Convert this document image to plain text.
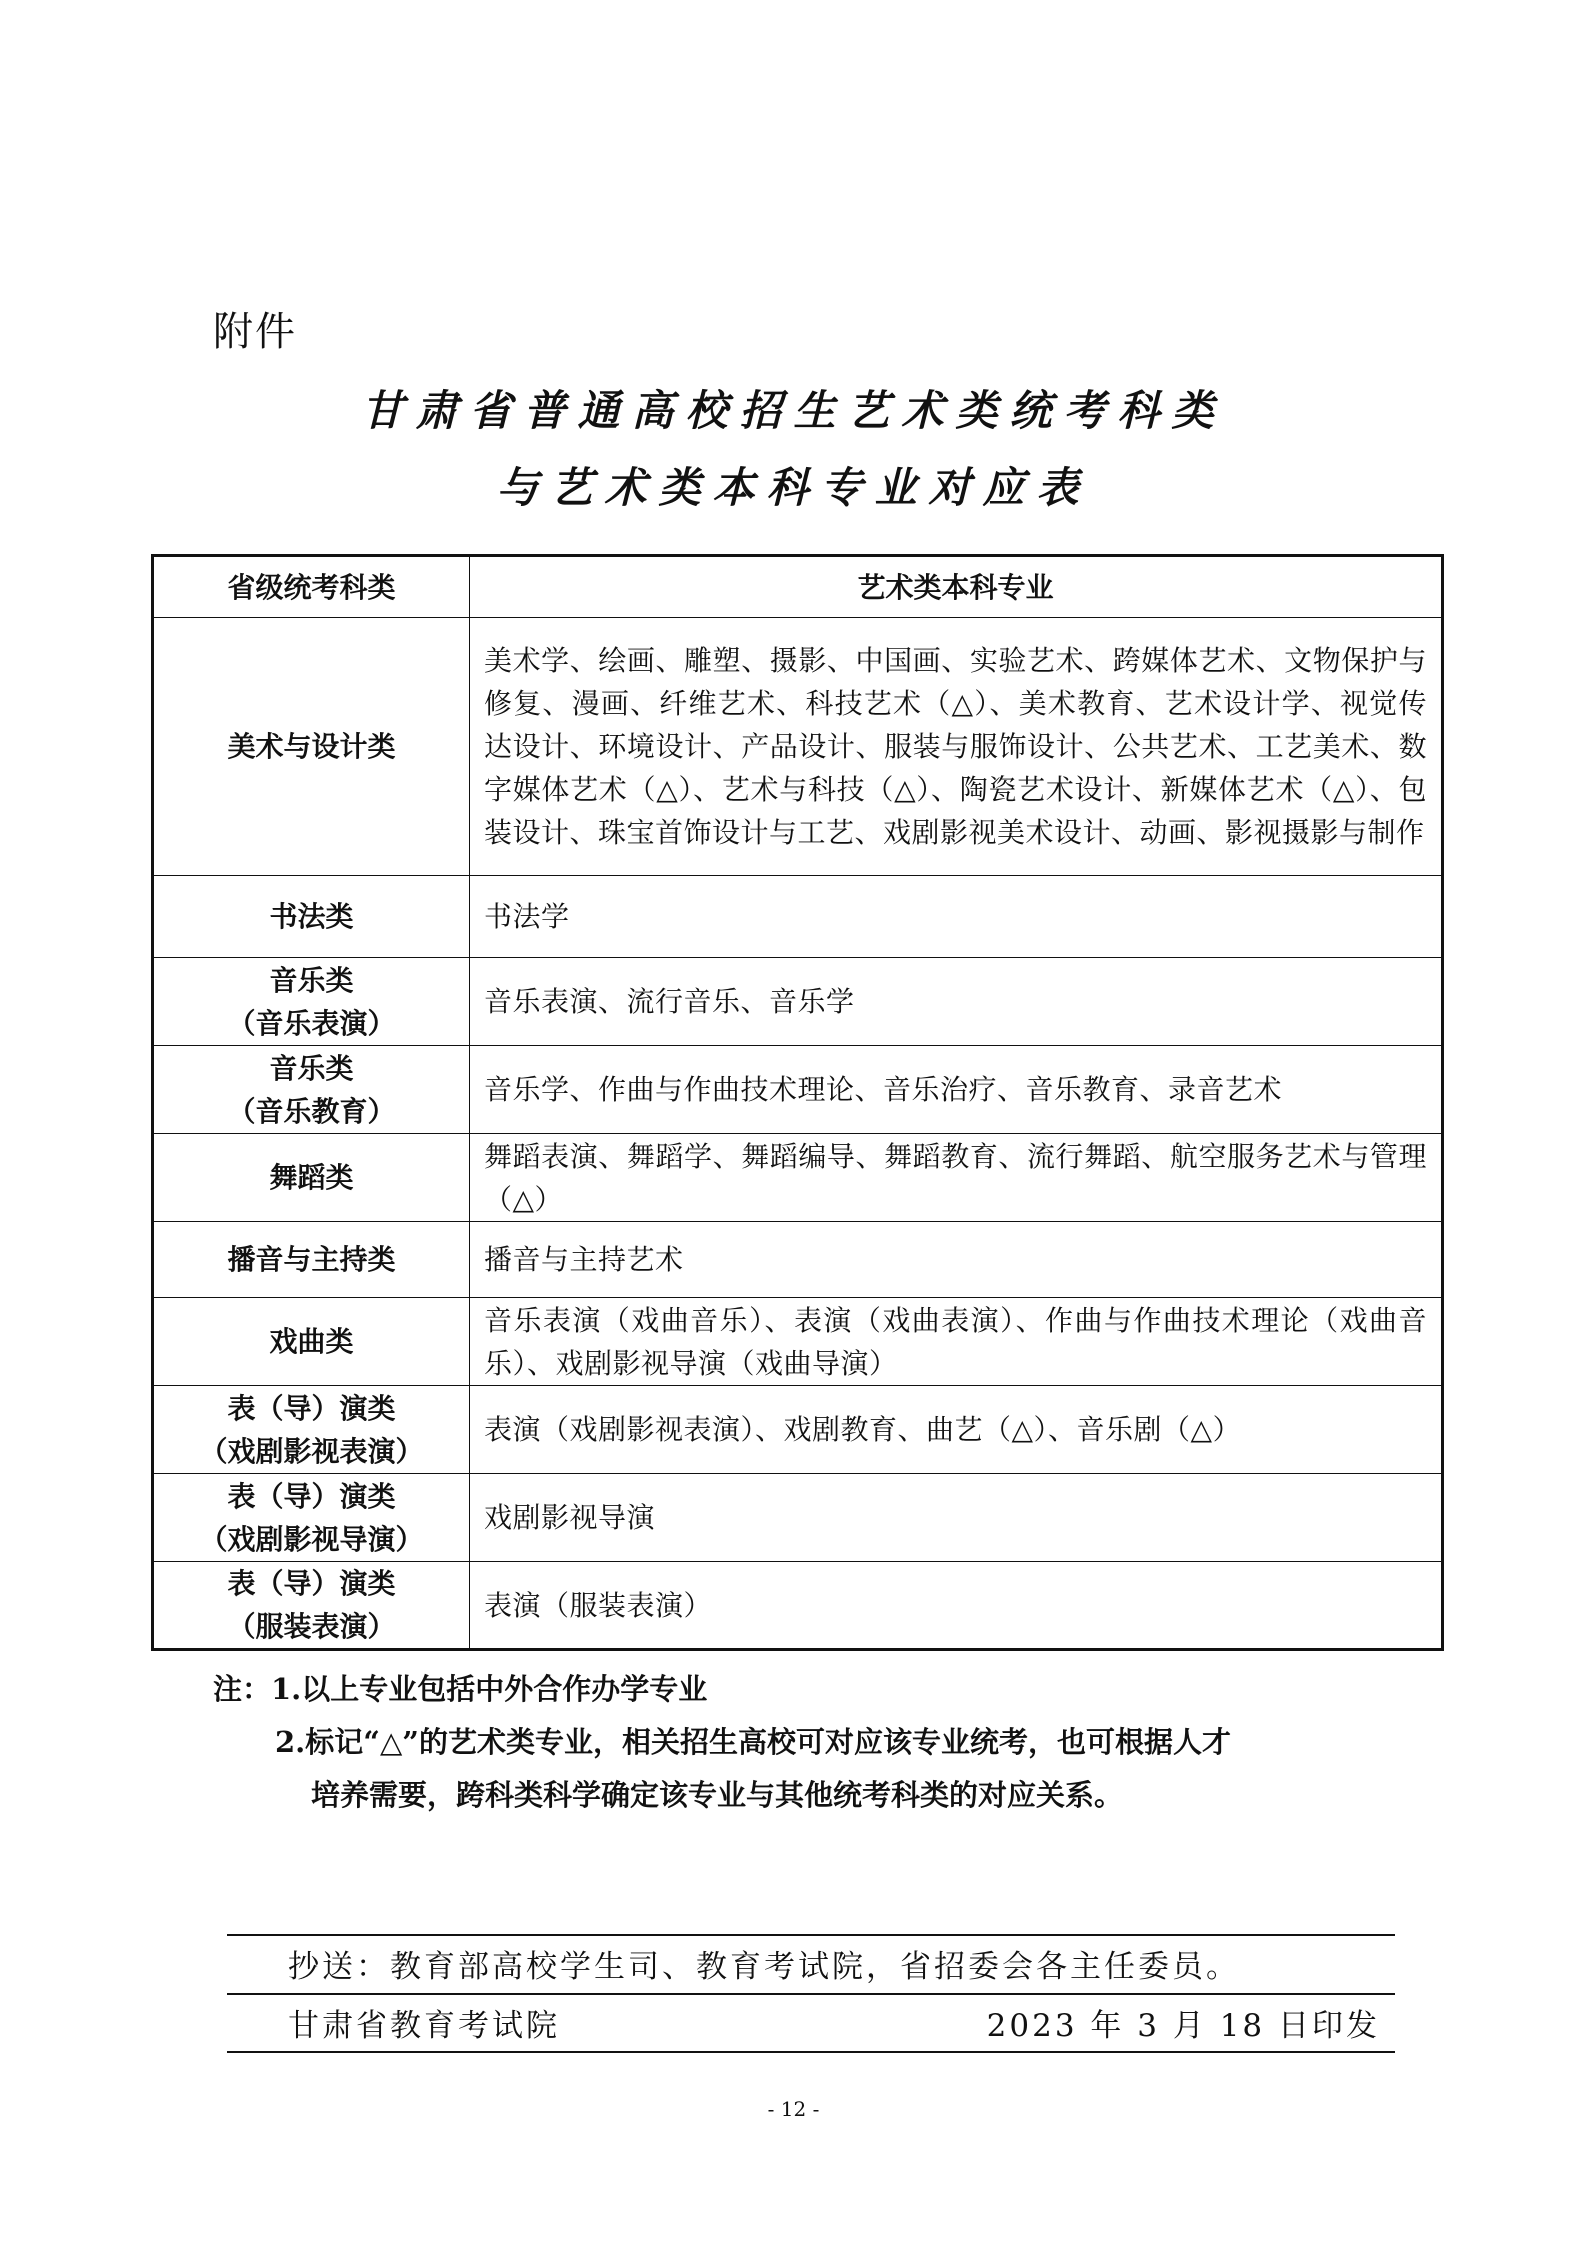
附件
甘肃省普通高校招生艺术类统考科类
与艺术类本科专业对应表
省级统考科类	艺术类本科专业
美术与设计类	美术学、绘画、雕塑、摄影、中国画、实验艺术、跨媒体艺术、文物保护与修复、漫画、纤维艺术、科技艺术（△）、美术教育、艺术设计学、视觉传达设计、环境设计、产品设计、服装与服饰设计、公共艺术、工艺美术、数字媒体艺术（△）、艺术与科技（△）、陶瓷艺术设计、新媒体艺术（△）、包装设计、珠宝首饰设计与工艺、戏剧影视美术设计、动画、影视摄影与制作
书法类	书法学
音乐类
（音乐表演）	音乐表演、流行音乐、音乐学
音乐类
（音乐教育）	音乐学、作曲与作曲技术理论、音乐治疗、音乐教育、录音艺术
舞蹈类	舞蹈表演、舞蹈学、舞蹈编导、舞蹈教育、流行舞蹈、航空服务艺术与管理（△）
播音与主持类	播音与主持艺术
戏曲类	音乐表演（戏曲音乐）、表演（戏曲表演）、作曲与作曲技术理论（戏曲音乐）、戏剧影视导演（戏曲导演）
表（导）演类
（戏剧影视表演）	表演（戏剧影视表演）、戏剧教育、曲艺（△）、音乐剧（△）
表（导）演类
（戏剧影视导演）	戏剧影视导演
表（导）演类
（服装表演）	表演（服装表演）
注：1.以上专业包括中外合作办学专业
2.标记“△”的艺术类专业，相关招生高校可对应该专业统考，也可根据人才
培养需要，跨科类科学确定该专业与其他统考科类的对应关系。
抄送：教育部高校学生司、教育考试院，省招委会各主任委员。
甘肃省教育考试院	2023 年 3 月 18 日印发
- 12 -
